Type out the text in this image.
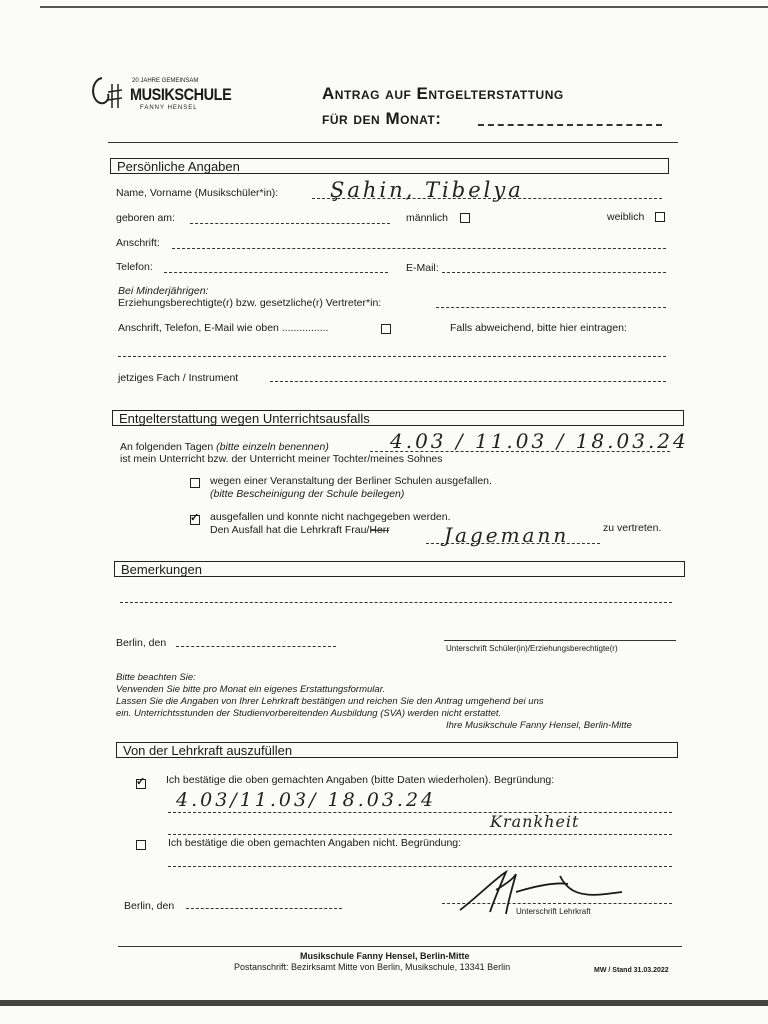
20 JAHRE GEMEINSAM
MUSIKSCHULE
FANNY HENSEL
Antrag auf Entgelterstattung
für den Monat:
Persönliche Angaben
Name, Vorname (Musikschüler*in): Şahin, Tibelya
geboren am:	männlich	weiblich
Anschrift:
Telefon:	E-Mail:
Bei Minderjährigen:
Erziehungsberechtigte(r) bzw. gesetzliche(r) Vertreter*in:
Anschrift, Telefon, E-Mail wie oben ................	Falls abweichend, bitte hier eintragen:
jetziges Fach / Instrument
Entgelterstattung wegen Unterrichtsausfalls
An folgenden Tagen (bitte einzeln benennen)	4.03 / 11.03 / 18.03.24
ist mein Unterricht bzw. der Unterricht meiner Tochter/meines Sohnes
wegen einer Veranstaltung der Berliner Schulen ausgefallen.
(bitte Bescheinigung der Schule beilegen)
✓
ausgefallen und konnte nicht nachgegeben werden.
Den Ausfall hat die Lehrkraft Frau/Herr	Jagemann	zu vertreten.
Bemerkungen
Berlin, den	Unterschrift Schüler(in)/Erziehungsberechtigte(r)
Bitte beachten Sie:
Verwenden Sie bitte pro Monat ein eigenes Erstattungsformular.
Lassen Sie die Angaben von Ihrer Lehrkraft bestätigen und reichen Sie den Antrag umgehend bei uns
ein. Unterrichtsstunden der Studienvorbereitenden Ausbildung (SVA) werden nicht erstattet.
Ihre Musikschule Fanny Hensel, Berlin-Mitte
Von der Lehrkraft auszufüllen
✓
Ich bestätige die oben gemachten Angaben (bitte Daten wiederholen). Begründung:
4.03/11.03/ 18.03.24
Krankheit
Ich bestätige die oben gemachten Angaben nicht. Begründung:
Berlin, den	Unterschrift Lehrkraft
Musikschule Fanny Hensel, Berlin-Mitte
Postanschrift: Bezirksamt Mitte von Berlin, Musikschule, 13341 Berlin	MW / Stand 31.03.2022
